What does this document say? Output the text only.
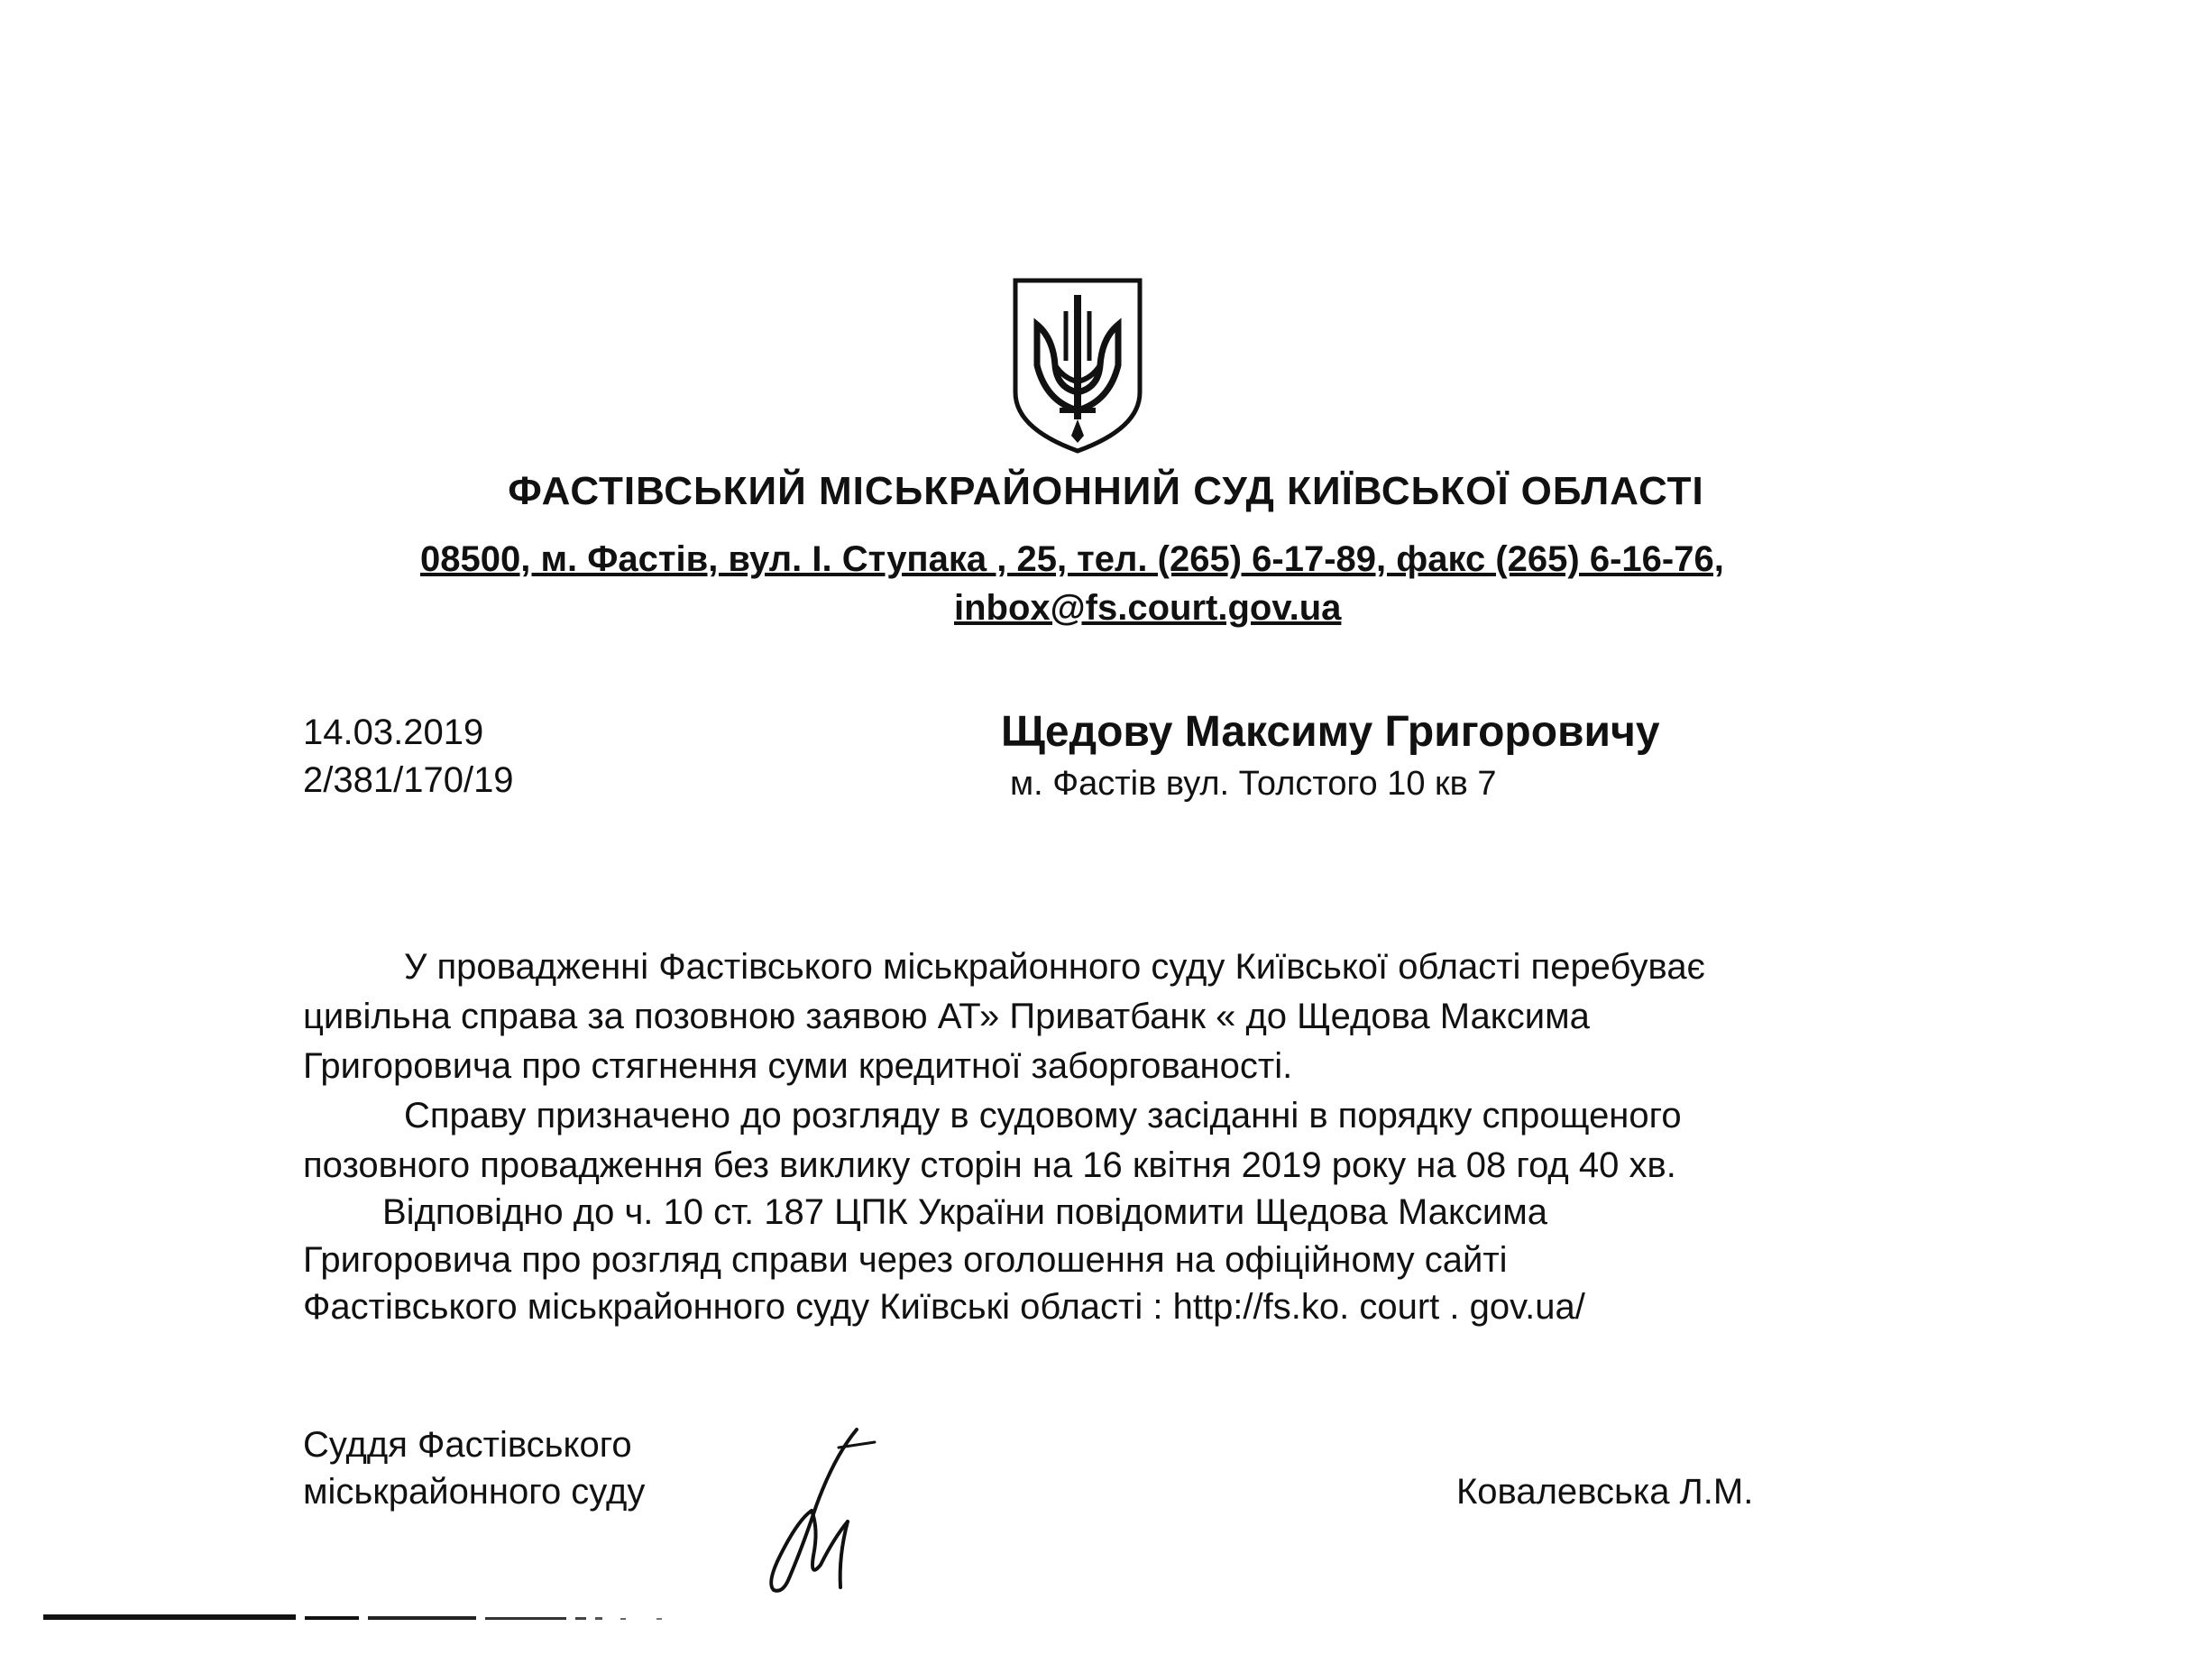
ФАСТІВСЬКИЙ МІСЬКРАЙОННИЙ СУД КИЇВСЬКОЇ ОБЛАСТІ
08500, м. Фастів, вул. І. Ступака , 25, тел. (265) 6-17-89, факс (265) 6-16-76,
inbox@fs.court.gov.ua
14.03.2019
2/381/170/19
Щедову Максиму Григоровичу
м. Фастів вул. Толстого 10 кв 7
У провадженні Фастівського міськрайонного суду Київської області перебуває
цивільна справа за позовною заявою АТ» Приватбанк « до Щедова Максима
Григоровича про стягнення суми кредитної заборгованості.
Справу призначено до розгляду в судовому засіданні в порядку спрощеного
позовного провадження без виклику сторін на 16 квітня 2019 року на 08 год 40 хв.
Відповідно до ч. 10 ст. 187 ЦПК України повідомити Щедова Максима
Григоровича про розгляд справи через оголошення на офіційному сайті
Фастівського міськрайонного суду Київські області : http://fs.ko. court . gov.ua/
Суддя Фастівського
міськрайонного суду	Ковалевська Л.М.
